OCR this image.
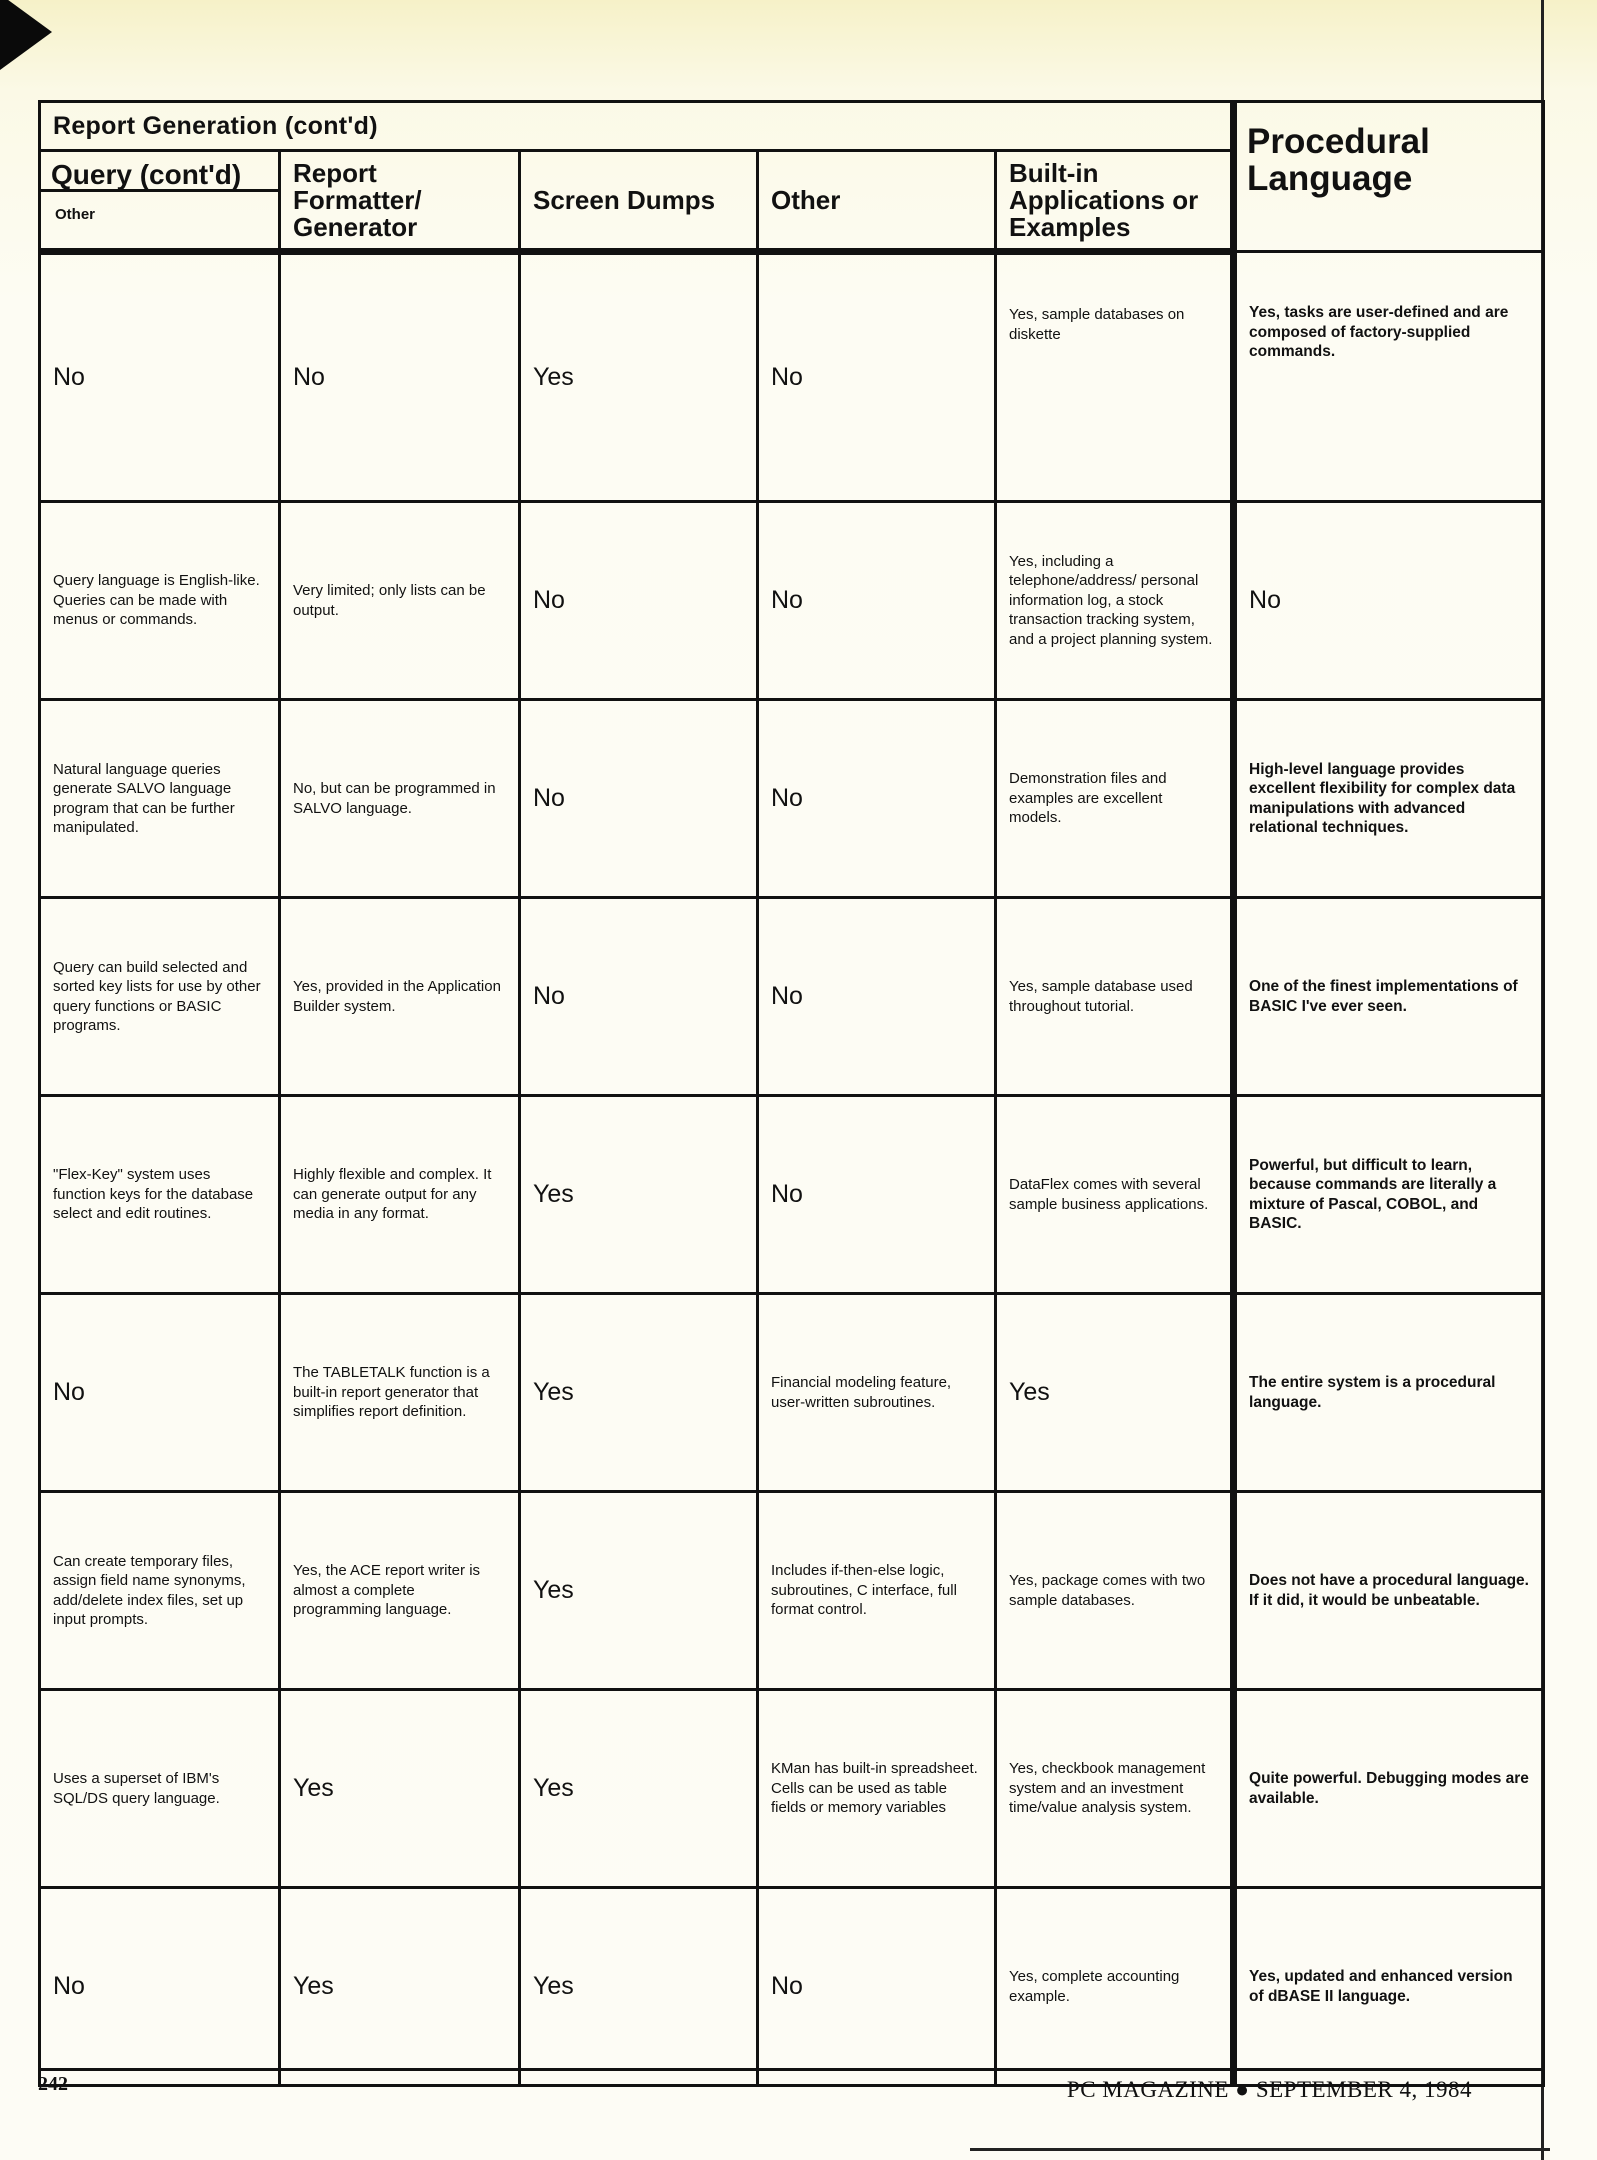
Report Generation (cont'd)					Procedural Language

Query (cont'd)
Other	Report Formatter/ Generator	Screen Dumps	Other	Built-in Applications or Examples	
No	No	Yes	No	Yes, sample databases on diskette	Yes, tasks are user-defined and are composed of factory-supplied commands.
Query language is English-like. Queries can be made with menus or commands.	Very limited; only lists can be output.	No	No	Yes, including a telephone/address/ personal information log, a stock transaction tracking system, and a project planning system.	No
Natural language queries generate SALVO language program that can be further manipulated.	No, but can be programmed in SALVO language.	No	No	Demonstration files and examples are excellent models.	High-level language provides excellent flexibility for complex data manipulations with advanced relational techniques.
Query can build selected and sorted key lists for use by other query functions or BASIC programs.	Yes, provided in the Application Builder system.	No	No	Yes, sample database used throughout tutorial.	One of the finest implementations of BASIC I've ever seen.
"Flex-Key" system uses function keys for the database select and edit routines.	Highly flexible and complex. It can generate output for any media in any format.	Yes	No	DataFlex comes with several sample business applications.	Powerful, but difficult to learn, because commands are literally a mixture of Pascal, COBOL, and BASIC.
No	The TABLETALK function is a built-in report generator that simplifies report definition.	Yes	Financial modeling feature, user-written subroutines.	Yes	The entire system is a procedural language.
Can create temporary files, assign field name synonyms, add/delete index files, set up input prompts.	Yes, the ACE report writer is almost a complete programming language.	Yes	Includes if-then-else logic, subroutines, C interface, full format control.	Yes, package comes with two sample databases.	Does not have a procedural language. If it did, it would be unbeatable.
Uses a superset of IBM's SQL/DS query language.	Yes	Yes	KMan has built-in spreadsheet. Cells can be used as table fields or memory variables	Yes, checkbook management system and an investment time/value analysis system.	Quite powerful. Debugging modes are available.
No	Yes	Yes	No	Yes, complete accounting example.	Yes, updated and enhanced version of dBASE II language.
242	PC MAGAZINE ● SEPTEMBER 4, 1984
